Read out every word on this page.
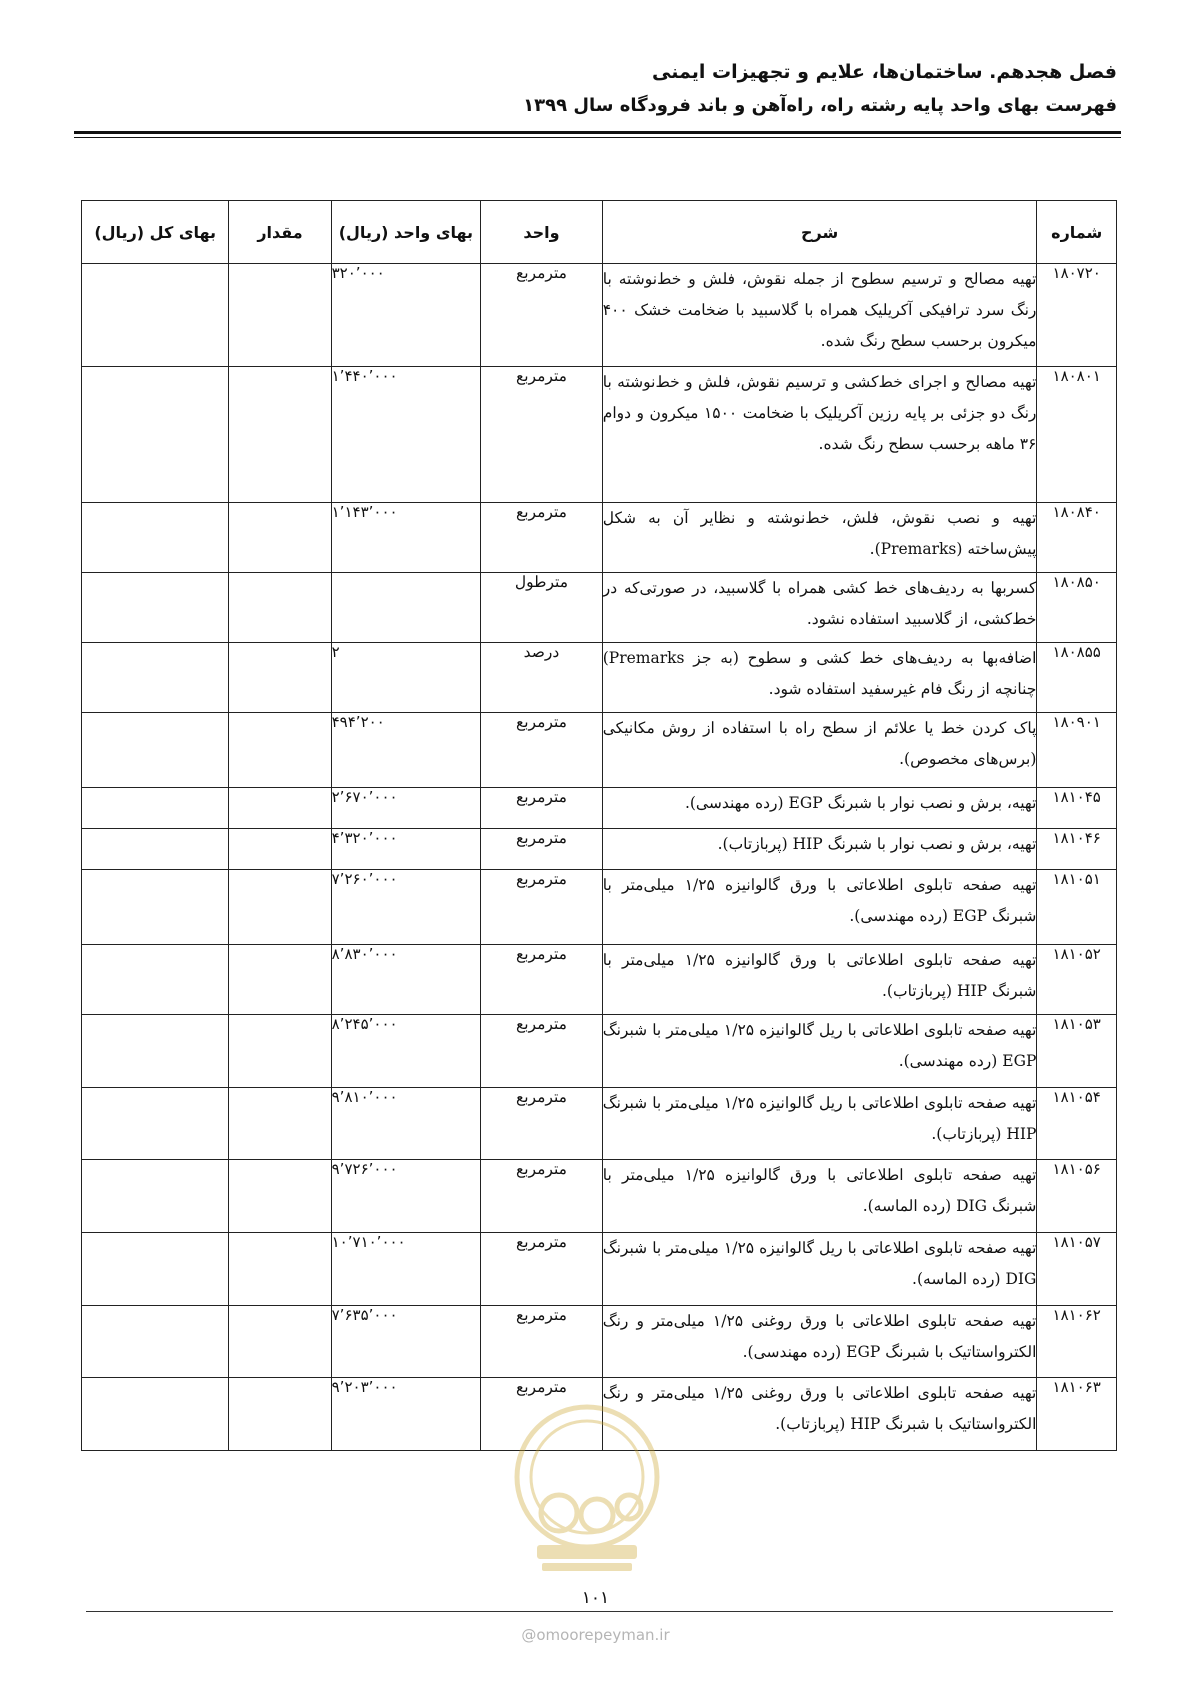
فصل هجدهم. ساختمان‌ها، علایم و تجهیزات ایمنی
فهرست بهای واحد پایه رشته راه، راه‌آهن و باند فرودگاه سال ۱۳۹۹
شماره	شرح	واحد	بهای واحد (ریال)	مقدار	بهای کل (ریال)
۱۸۰۷۲۰	تهیه مصالح و ترسیم سطوح از جمله نقوش، فلش و خط‌نوشته با رنگ سرد ترافیکی آکریلیک همراه با گلاسبید با ضخامت خشک ۴۰۰ میکرون برحسب سطح رنگ شده.	مترمربع	۳۲۰٬۰۰۰		
۱۸۰۸۰۱	تهیه مصالح و اجرای خط‌کشی و ترسیم نقوش، فلش و خط‌نوشته با رنگ دو جزئی بر پایه رزین آکریلیک با ضخامت ۱۵۰۰ میکرون و دوام ۳۶ ماهه برحسب سطح رنگ شده.	مترمربع	۱٬۴۴۰٬۰۰۰		
۱۸۰۸۴۰	تهیه و نصب نقوش، فلش، خط‌نوشته و نظایر آن به شکل پیش‌ساخته (Premarks).	مترمربع	۱٬۱۴۳٬۰۰۰		
۱۸۰۸۵۰	کسربها به ردیف‌های خط کشی همراه با گلاسبید، در صورتی‌که در خط‌کشی، از گلاسبید استفاده نشود.	مترطول			
۱۸۰۸۵۵	اضافه‌بها به ردیف‌های خط کشی و سطوح (به جز Premarks) چنانچه از رنگ فام غیرسفید استفاده شود.	درصد	۲		
۱۸۰۹۰۱	پاک کردن خط یا علائم از سطح راه با استفاده از روش مکانیکی (برس‌های مخصوص).	مترمربع	۴۹۴٬۲۰۰		
۱۸۱۰۴۵	تهیه، برش و نصب نوار با شبرنگ EGP (رده مهندسی).	مترمربع	۲٬۶۷۰٬۰۰۰		
۱۸۱۰۴۶	تهیه، برش و نصب نوار با شبرنگ HIP (پربازتاب).	مترمربع	۴٬۳۲۰٬۰۰۰		
۱۸۱۰۵۱	تهیه صفحه تابلوی اطلاعاتی با ورق گالوانیزه ۱/۲۵ میلی‌متر با شبرنگ EGP (رده مهندسی).	مترمربع	۷٬۲۶۰٬۰۰۰		
۱۸۱۰۵۲	تهیه صفحه تابلوی اطلاعاتی با ورق گالوانیزه ۱/۲۵ میلی‌متر با شبرنگ HIP (پربازتاب).	مترمربع	۸٬۸۳۰٬۰۰۰		
۱۸۱۰۵۳	تهیه صفحه تابلوی اطلاعاتی با ریل گالوانیزه ۱/۲۵ میلی‌متر با شبرنگ EGP (رده مهندسی).	مترمربع	۸٬۲۴۵٬۰۰۰		
۱۸۱۰۵۴	تهیه صفحه تابلوی اطلاعاتی با ریل گالوانیزه ۱/۲۵ میلی‌متر با شبرنگ HIP (پربازتاب).	مترمربع	۹٬۸۱۰٬۰۰۰		
۱۸۱۰۵۶	تهیه صفحه تابلوی اطلاعاتی با ورق گالوانیزه ۱/۲۵ میلی‌متر با شبرنگ DIG (رده الماسه).	مترمربع	۹٬۷۲۶٬۰۰۰		
۱۸۱۰۵۷	تهیه صفحه تابلوی اطلاعاتی با ریل گالوانیزه ۱/۲۵ میلی‌متر با شبرنگ DIG (رده الماسه).	مترمربع	۱۰٬۷۱۰٬۰۰۰		
۱۸۱۰۶۲	تهیه صفحه تابلوی اطلاعاتی با ورق روغنی ۱/۲۵ میلی‌متر و رنگ الکترواستاتیک با شبرنگ EGP (رده مهندسی).	مترمربع	۷٬۶۳۵٬۰۰۰		
۱۸۱۰۶۳	تهیه صفحه تابلوی اطلاعاتی با ورق روغنی ۱/۲۵ میلی‌متر و رنگ الکترواستاتیک با شبرنگ HIP (پربازتاب).	مترمربع	۹٬۲۰۳٬۰۰۰		
۱۰۱
@omoorepeyman.ir
